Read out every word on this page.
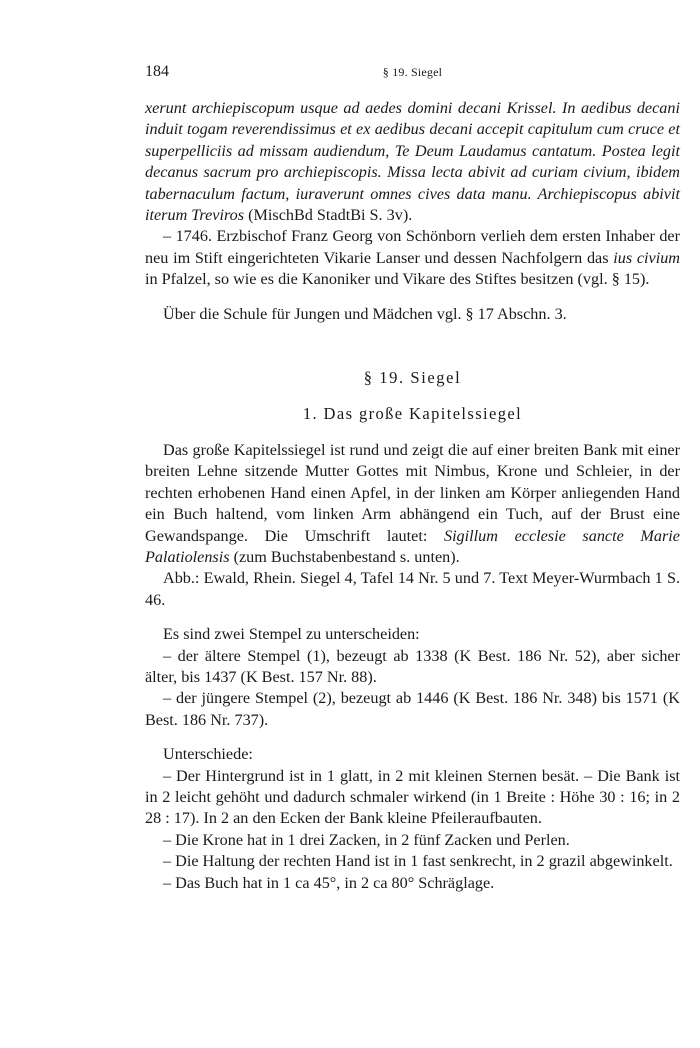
184	§ 19. Siegel

xerunt archiepiscopum usque ad aedes domini decani Krissel. In aedibus decani induit togam reverendissimus et ex aedibus decani accepit capitulum cum cruce et superpelliciis ad missam audiendum, Te Deum Laudamus cantatum. Postea legit decanus sacrum pro archiepiscopis. Missa lecta abivit ad curiam civium, ibidem tabernaculum factum, iuraverunt omnes cives data manu. Archiepiscopus abivit iterum Treviros (MischBd StadtBi S. 3v).

– 1746. Erzbischof Franz Georg von Schönborn verlieh dem ersten Inhaber der neu im Stift eingerichteten Vikarie Lanser und dessen Nachfolgern das ius civium in Pfalzel, so wie es die Kanoniker und Vikare des Stiftes besitzen (vgl. § 15).

Über die Schule für Jungen und Mädchen vgl. § 17 Abschn. 3.

§ 19. Siegel
1. Das große Kapitelssiegel

Das große Kapitelssiegel ist rund und zeigt die auf einer breiten Bank mit einer breiten Lehne sitzende Mutter Gottes mit Nimbus, Krone und Schleier, in der rechten erhobenen Hand einen Apfel, in der linken am Körper anliegenden Hand ein Buch haltend, vom linken Arm abhängend ein Tuch, auf der Brust eine Gewandspange. Die Umschrift lautet: Sigillum ecclesie sancte Marie Palatiolensis (zum Buchstabenbestand s. unten).

Abb.: Ewald, Rhein. Siegel 4, Tafel 14 Nr. 5 und 7. Text Meyer-Wurmbach 1 S. 46.

Es sind zwei Stempel zu unterscheiden:

– der ältere Stempel (1), bezeugt ab 1338 (K Best. 186 Nr. 52), aber sicher älter, bis 1437 (K Best. 157 Nr. 88).

– der jüngere Stempel (2), bezeugt ab 1446 (K Best. 186 Nr. 348) bis 1571 (K Best. 186 Nr. 737).

Unterschiede:

– Der Hintergrund ist in 1 glatt, in 2 mit kleinen Sternen besät. – Die Bank ist in 2 leicht gehöht und dadurch schmaler wirkend (in 1 Breite : Höhe 30 : 16; in 2 28 : 17). In 2 an den Ecken der Bank kleine Pfeileraufbauten.

– Die Krone hat in 1 drei Zacken, in 2 fünf Zacken und Perlen.

– Die Haltung der rechten Hand ist in 1 fast senkrecht, in 2 grazil abgewinkelt.

– Das Buch hat in 1 ca 45°, in 2 ca 80° Schräglage.
